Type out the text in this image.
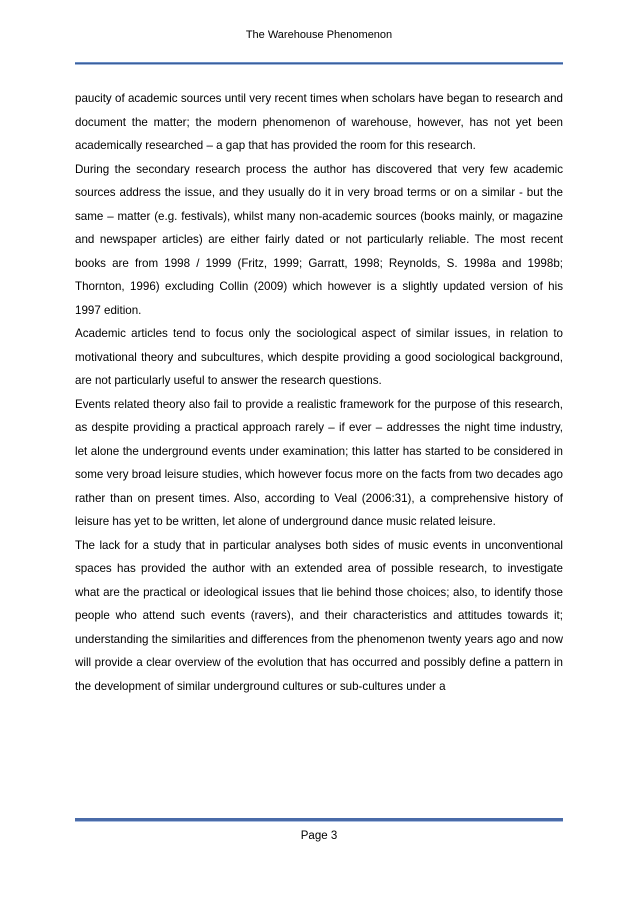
The Warehouse Phenomenon

paucity of academic sources until very recent times when scholars have began to research and document the matter; the modern phenomenon of warehouse, however, has not yet been academically researched – a gap that has provided the room for this research.

During the secondary research process the author has discovered that very few academic sources address the issue, and they usually do it in very broad terms or on a similar - but the same – matter (e.g. festivals), whilst many non-academic sources (books mainly, or magazine and newspaper articles) are either fairly dated or not particularly reliable. The most recent books are from 1998 / 1999 (Fritz, 1999; Garratt, 1998; Reynolds, S. 1998a and 1998b; Thornton, 1996) excluding Collin (2009) which however is a slightly updated version of his 1997 edition.

Academic articles tend to focus only the sociological aspect of similar issues, in relation to motivational theory and subcultures, which despite providing a good sociological background, are not particularly useful to answer the research questions.

Events related theory also fail to provide a realistic framework for the purpose of this research, as despite providing a practical approach rarely – if ever – addresses the night time industry, let alone the underground events under examination; this latter has started to be considered in some very broad leisure studies, which however focus more on the facts from two decades ago rather than on present times. Also, according to Veal (2006:31), a comprehensive history of leisure has yet to be written, let alone of underground dance music related leisure.

The lack for a study that in particular analyses both sides of music events in unconventional spaces has provided the author with an extended area of possible research, to investigate what are the practical or ideological issues that lie behind those choices; also, to identify those people who attend such events (ravers), and their characteristics and attitudes towards it; understanding the similarities and differences from the phenomenon twenty years ago and now will provide a clear overview of the evolution that has occurred and possibly define a pattern in the development of similar underground cultures or sub-cultures under a

Page 3
